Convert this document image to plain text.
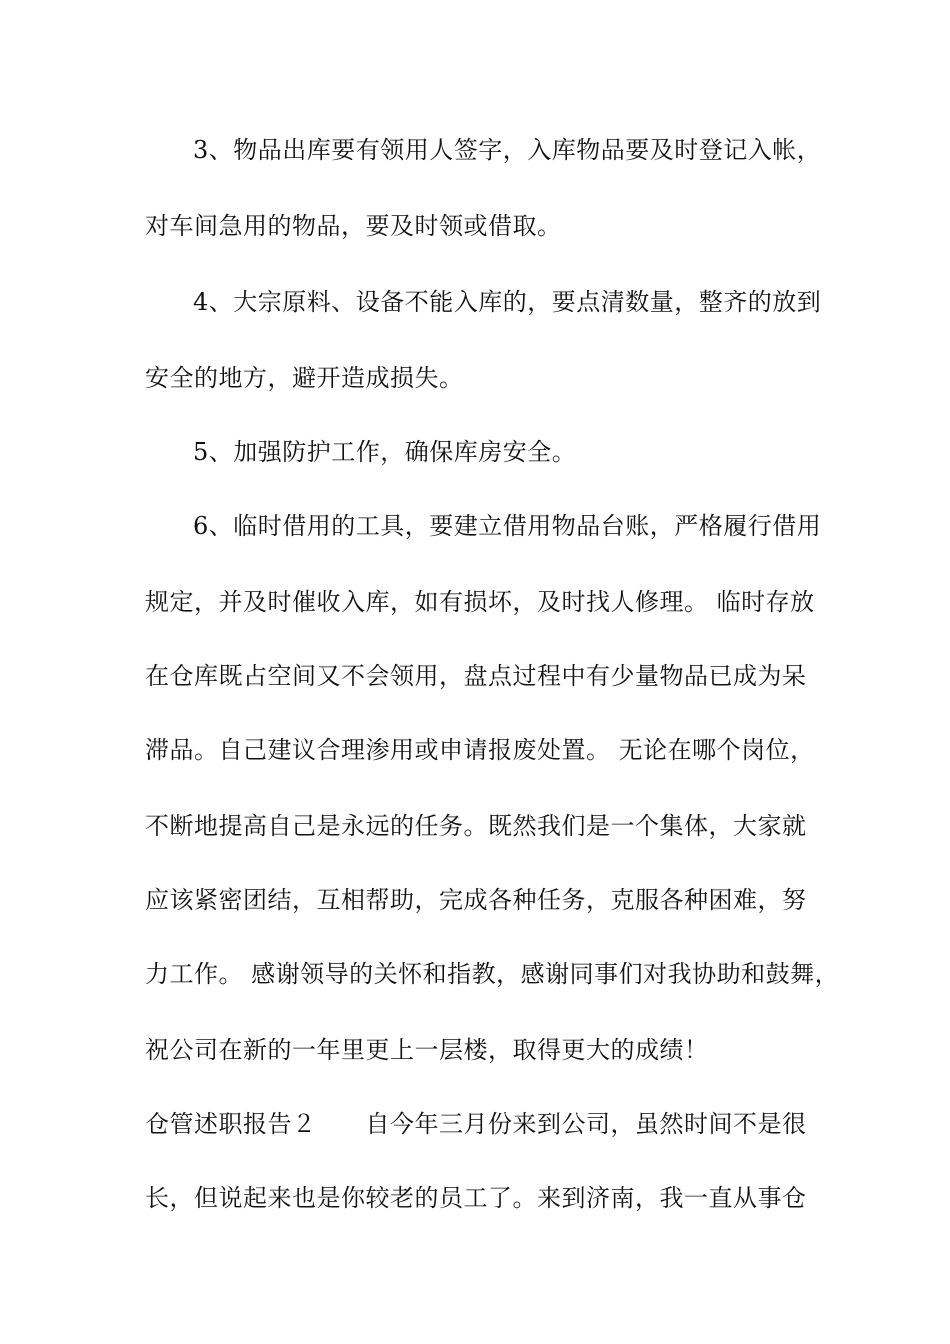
3、物品出库要有领用人签字，入库物品要及时登记入帐，
对车间急用的物品，要及时领或借取。
4、大宗原料、设备不能入库的，要点清数量，整齐的放到
安全的地方，避开造成损失。
5、加强防护工作，确保库房安全。
6、临时借用的工具，要建立借用物品台账，严格履行借用
规定，并及时催收入库，如有损坏，及时找人修理。 临时存放
在仓库既占空间又不会领用，盘点过程中有少量物品已成为呆
滞品。自己建议合理渗用或申请报废处置。 无论在哪个岗位，
不断地提高自己是永远的任务。既然我们是一个集体，大家就
应该紧密团结，互相帮助，完成各种任务，克服各种困难，努
力工作。 感谢领导的关怀和指教，感谢同事们对我协助和鼓舞，
祝公司在新的一年里更上一层楼，取得更大的成绩！
仓管述职报告２　　自今年三月份来到公司，虽然时间不是很
长，但说起来也是你较老的员工了。来到济南，我一直从事仓
